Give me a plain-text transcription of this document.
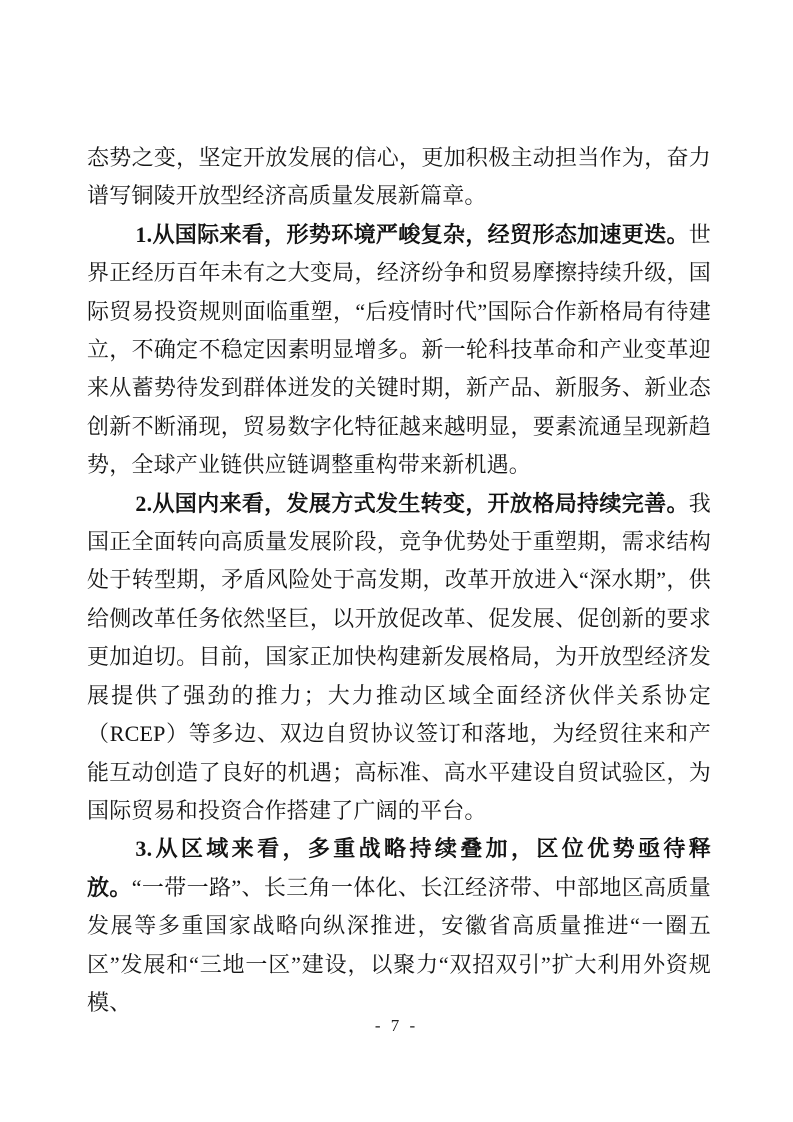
态势之变，坚定开放发展的信心，更加积极主动担当作为，奋力谱写铜陵开放型经济高质量发展新篇章。

1.从国际来看，形势环境严峻复杂，经贸形态加速更迭。世界正经历百年未有之大变局，经济纷争和贸易摩擦持续升级，国际贸易投资规则面临重塑，“后疫情时代”国际合作新格局有待建立，不确定不稳定因素明显增多。新一轮科技革命和产业变革迎来从蓄势待发到群体迸发的关键时期，新产品、新服务、新业态创新不断涌现，贸易数字化特征越来越明显，要素流通呈现新趋势，全球产业链供应链调整重构带来新机遇。

2.从国内来看，发展方式发生转变，开放格局持续完善。我国正全面转向高质量发展阶段，竞争优势处于重塑期，需求结构处于转型期，矛盾风险处于高发期，改革开放进入“深水期”，供给侧改革任务依然坚巨，以开放促改革、促发展、促创新的要求更加迫切。目前，国家正加快构建新发展格局，为开放型经济发展提供了强劲的推力；大力推动区域全面经济伙伴关系协定（RCEP）等多边、双边自贸协议签订和落地，为经贸往来和产能互动创造了良好的机遇；高标准、高水平建设自贸试验区，为国际贸易和投资合作搭建了广阔的平台。

3.从区域来看，多重战略持续叠加，区位优势亟待释放。“一带一路”、长三角一体化、长江经济带、中部地区高质量发展等多重国家战略向纵深推进，安徽省高质量推进“一圈五区”发展和“三地一区”建设，以聚力“双招双引”扩大利用外资规模、

- 7 -
